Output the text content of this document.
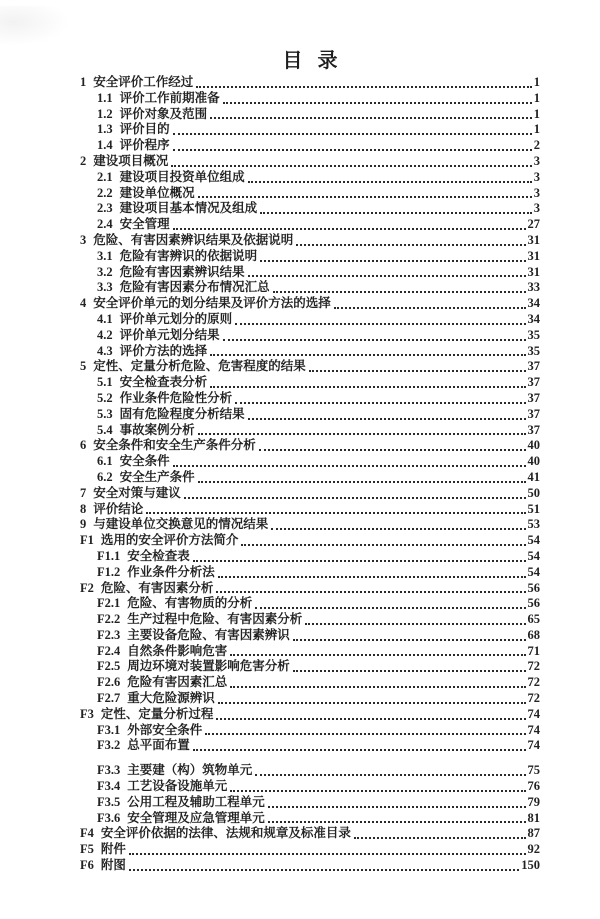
目 录
1 安全评价工作经过	1
1.1 评价工作前期准备	1
1.2 评价对象及范围	1
1.3 评价目的	1
1.4 评价程序	2
2 建设项目概况	3
2.1 建设项目投资单位组成	3
2.2 建设单位概况	3
2.3 建设项目基本情况及组成	3
2.4 安全管理	27
3 危险、有害因素辨识结果及依据说明	31
3.1 危险有害辨识的依据说明	31
3.2 危险有害因素辨识结果	31
3.3 危险有害因素分布情况汇总	33
4 安全评价单元的划分结果及评价方法的选择	34
4.1 评价单元划分的原则	34
4.2 评价单元划分结果	35
4.3 评价方法的选择	35
5 定性、定量分析危险、危害程度的结果	37
5.1 安全检查表分析	37
5.2 作业条件危险性分析	37
5.3 固有危险程度分析结果	37
5.4 事故案例分析	37
6 安全条件和安全生产条件分析	40
6.1 安全条件	40
6.2 安全生产条件	41
7 安全对策与建议	50
8 评价结论	51
9 与建设单位交换意见的情况结果	53
F1 选用的安全评价方法简介	54
F1.1 安全检查表	54
F1.2 作业条件分析法	54
F2 危险、有害因素分析	56
F2.1 危险、有害物质的分析	56
F2.2 生产过程中危险、有害因素分析	65
F2.3 主要设备危险、有害因素辨识	68
F2.4 自然条件影响危害	71
F2.5 周边环境对装置影响危害分析	72
F2.6 危险有害因素汇总	72
F2.7 重大危险源辨识	72
F3 定性、定量分析过程	74
F3.1 外部安全条件	74
F3.2 总平面布置	74
F3.3 主要建（构）筑物单元	75
F3.4 工艺设备设施单元	76
F3.5 公用工程及辅助工程单元	79
F3.6 安全管理及应急管理单元	81
F4 安全评价依据的法律、法规和规章及标准目录	87
F5 附件	92
F6 附图	150
